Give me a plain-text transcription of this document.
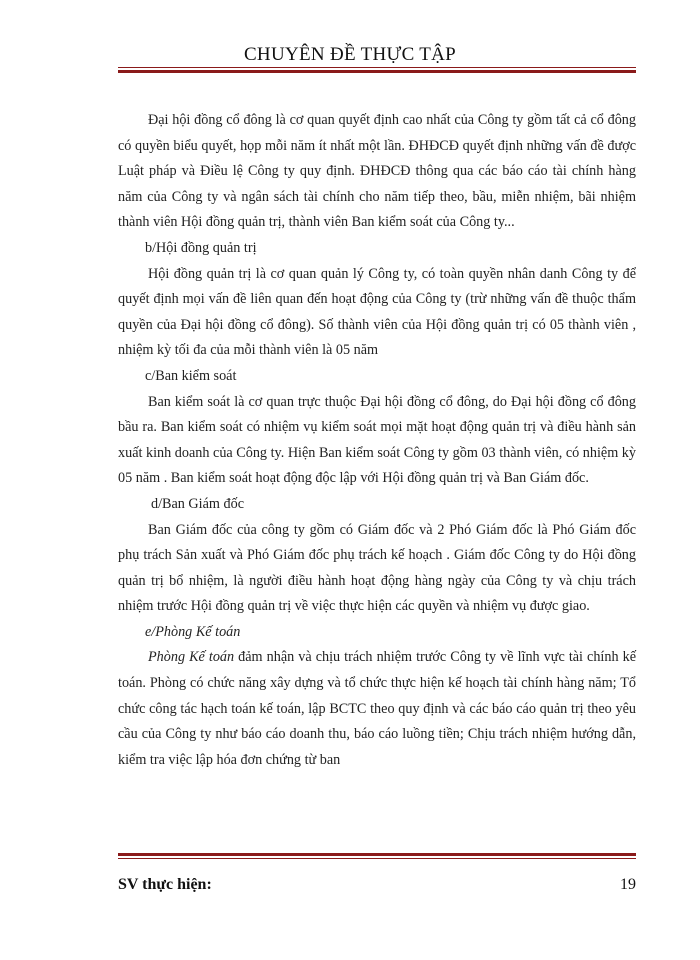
CHUYÊN ĐỀ THỰC TẬP

Đại hội đồng cổ đông là cơ quan quyết định cao nhất của Công ty gồm tất cả cổ đông có quyền biểu quyết, họp mỗi năm ít nhất một lần. ĐHĐCĐ quyết định những vấn đề được Luật pháp và Điều lệ Công ty quy định. ĐHĐCĐ thông qua các báo cáo tài chính hàng năm của Công ty và ngân sách tài chính cho năm tiếp theo, bầu, miễn nhiệm, bãi nhiệm thành viên Hội đồng quản trị, thành viên Ban kiểm soát của Công ty...

b/Hội đồng quản trị

Hội đồng quản trị là cơ quan quản lý Công ty, có toàn quyền nhân danh Công ty để quyết định mọi vấn đề liên quan đến hoạt động của Công ty (trừ những vấn đề thuộc thẩm quyền của Đại hội đồng cổ đông). Số thành viên của Hội đồng quản trị có 05 thành viên , nhiệm kỳ tối đa của mỗi thành viên là 05 năm

c/Ban kiểm soát

Ban kiểm soát là cơ quan trực thuộc Đại hội đồng cổ đông, do Đại hội đồng cổ đông bầu ra. Ban kiểm soát có nhiệm vụ kiểm soát mọi mặt hoạt động quản trị và điều hành sản xuất kinh doanh của Công ty. Hiện Ban kiểm soát Công ty gồm 03 thành viên, có nhiệm kỳ 05 năm . Ban kiểm soát hoạt động độc lập với Hội đồng quản trị và Ban Giám đốc.

d/Ban Giám đốc

Ban Giám đốc của công ty gồm có Giám đốc và 2 Phó Giám đốc là Phó Giám đốc phụ trách Sản xuất và Phó Giám đốc phụ trách kế hoạch . Giám đốc Công ty do Hội đồng quản trị bổ nhiệm, là người điều hành hoạt động hàng ngày của Công ty và chịu trách nhiệm trước Hội đồng quản trị về việc thực hiện các quyền và nhiệm vụ được giao.

e/Phòng Kế toán

Phòng Kế toán đảm nhận và chịu trách nhiệm trước Công ty về lĩnh vực tài chính kế toán. Phòng có chức năng xây dựng và tổ chức thực hiện kế hoạch tài chính hàng năm; Tổ chức công tác hạch toán kế toán, lập BCTC theo quy định và các báo cáo quản trị theo yêu cầu của Công ty như báo cáo doanh thu, báo cáo luồng tiền; Chịu trách nhiệm hướng dẫn, kiểm tra việc lập hóa đơn chứng từ ban

SV thực hiện:	19
